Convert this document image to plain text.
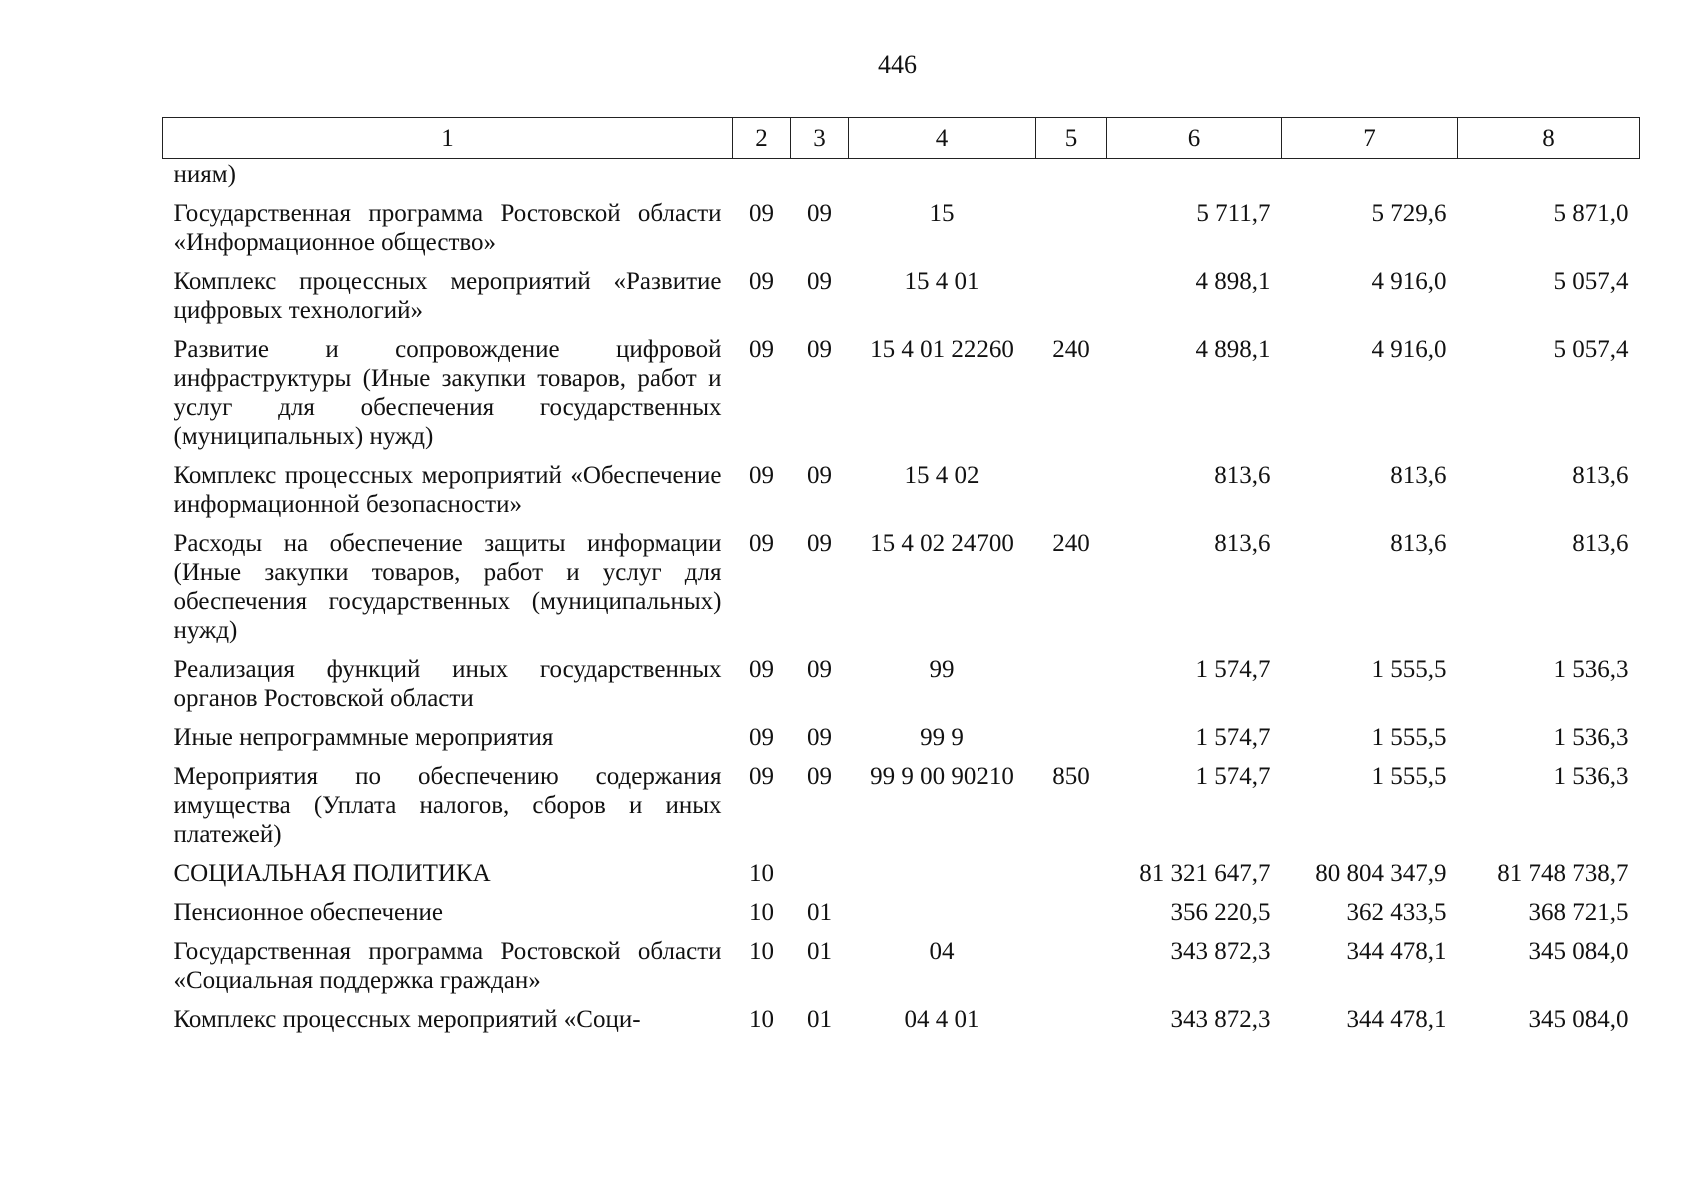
446
1	2	3	4	5	6	7	8
ниям)							
Государственная программа Ростовской области «Информационное общество»	09	09	15		5 711,7	5 729,6	5 871,0
Комплекс процессных мероприятий «Развитие цифровых технологий»	09	09	15 4 01		4 898,1	4 916,0	5 057,4
Развитие и сопровождение цифровой инфраструктуры (Иные закупки товаров, работ и услуг для обеспечения государственных (муниципальных) нужд)	09	09	15 4 01 22260	240	4 898,1	4 916,0	5 057,4
Комплекс процессных мероприятий «Обеспечение информационной безопасности»	09	09	15 4 02		813,6	813,6	813,6
Расходы на обеспечение защиты информации (Иные закупки товаров, работ и услуг для обеспечения государственных (муниципальных) нужд)	09	09	15 4 02 24700	240	813,6	813,6	813,6
Реализация функций иных государственных органов Ростовской области	09	09	99		1 574,7	1 555,5	1 536,3
Иные непрограммные мероприятия	09	09	99 9		1 574,7	1 555,5	1 536,3
Мероприятия по обеспечению содержания имущества (Уплата налогов, сборов и иных платежей)	09	09	99 9 00 90210	850	1 574,7	1 555,5	1 536,3
СОЦИАЛЬНАЯ ПОЛИТИКА	10				81 321 647,7	80 804 347,9	81 748 738,7
Пенсионное обеспечение	10	01			356 220,5	362 433,5	368 721,5
Государственная программа Ростовской области «Социальная поддержка граждан»	10	01	04		343 872,3	344 478,1	345 084,0
Комплекс процессных мероприятий «Соци-	10	01	04 4 01		343 872,3	344 478,1	345 084,0
